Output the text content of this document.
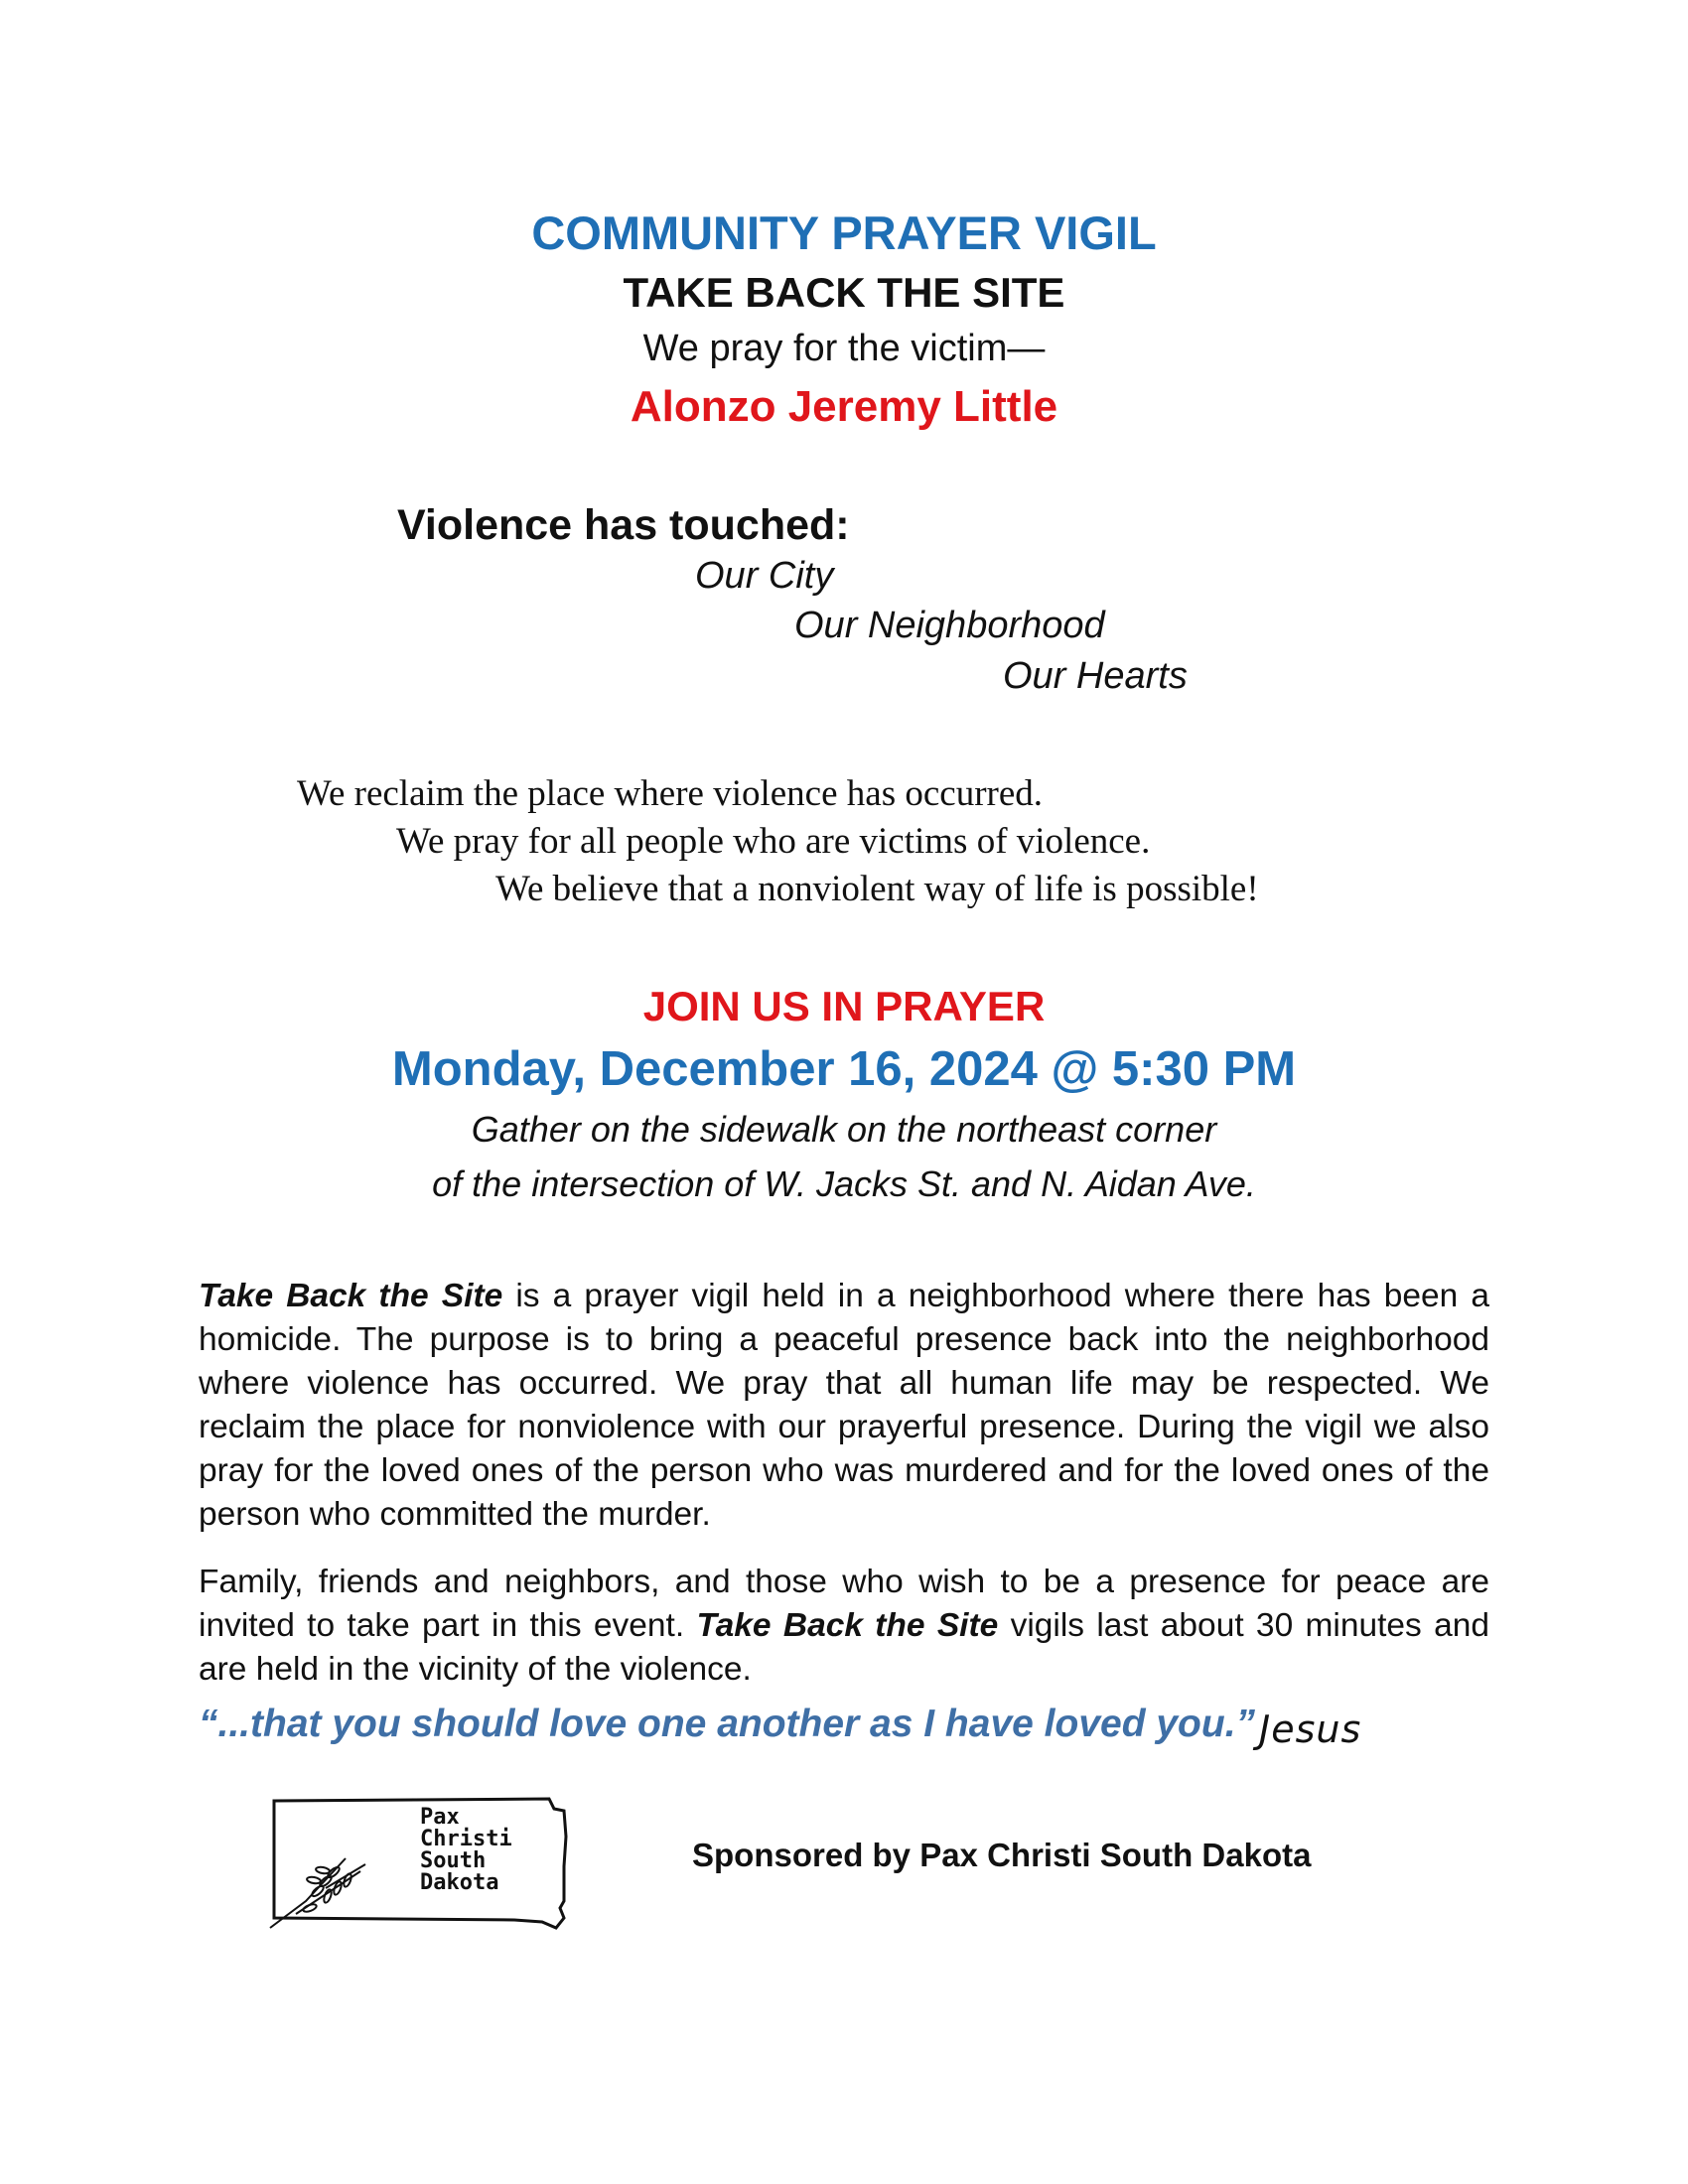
COMMUNITY PRAYER VIGIL
TAKE BACK THE SITE
We pray for the victim—
Alonzo Jeremy Little
Violence has touched:
Our City
Our Neighborhood
Our Hearts
We reclaim the place where violence has occurred.
We pray for all people who are victims of violence.
We believe that a nonviolent way of life is possible!
JOIN US IN PRAYER
Monday, December 16, 2024 @ 5:30 PM
Gather on the sidewalk on the northeast corner
of the intersection of W. Jacks St. and N. Aidan Ave.
Take Back the Site is a prayer vigil held in a neighborhood where there has been a homicide. The purpose is to bring a peaceful presence back into the neighborhood where violence has occurred. We pray that all human life may be respected. We reclaim the place for nonviolence with our prayerful presence. During the vigil we also pray for the loved ones of the person who was murdered and for the loved ones of the person who committed the murder.
Family, friends and neighbors, and those who wish to be a presence for peace are invited to take part in this event. Take Back the Site vigils last about 30 minutes and are held in the vicinity of the violence.
“...that you should love one another as I have loved you.” Jesus
Pax
Christi
South
Dakota
Sponsored by Pax Christi South Dakota
